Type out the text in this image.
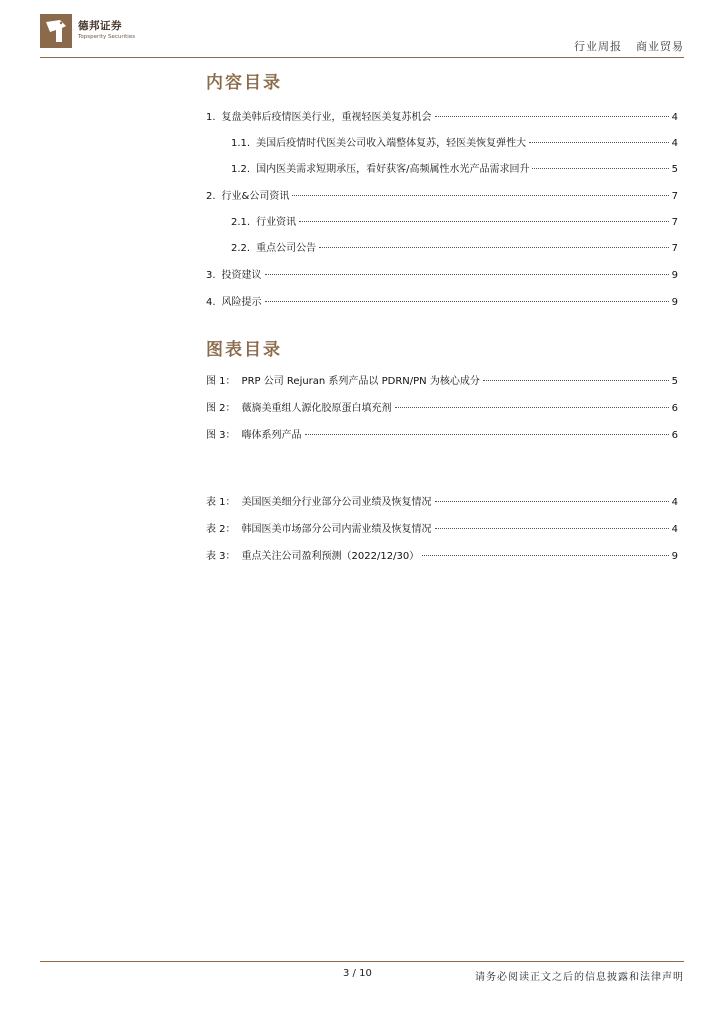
德邦证券
Topsperity Securities
行业周报 商业贸易
内容目录
1. 复盘美韩后疫情医美行业，重视轻医美复苏机会	4
1.1. 美国后疫情时代医美公司收入端整体复苏，轻医美恢复弹性大	4
1.2. 国内医美需求短期承压，看好获客/高频属性水光产品需求回升	5
2. 行业&公司资讯	7
2.1. 行业资讯	7
2.2. 重点公司公告	7
3. 投资建议	9
4. 风险提示	9
图表目录
图 1： PRP 公司 Rejuran 系列产品以 PDRN/PN 为核心成分	5
图 2： 薇旖美重组人源化胶原蛋白填充剂	6
图 3： 嗨体系列产品	6
表 1： 美国医美细分行业部分公司业绩及恢复情况	4
表 2： 韩国医美市场部分公司内需业绩及恢复情况	4
表 3： 重点关注公司盈利预测（2022/12/30）	9
3 / 10	请务必阅读正文之后的信息披露和法律声明
